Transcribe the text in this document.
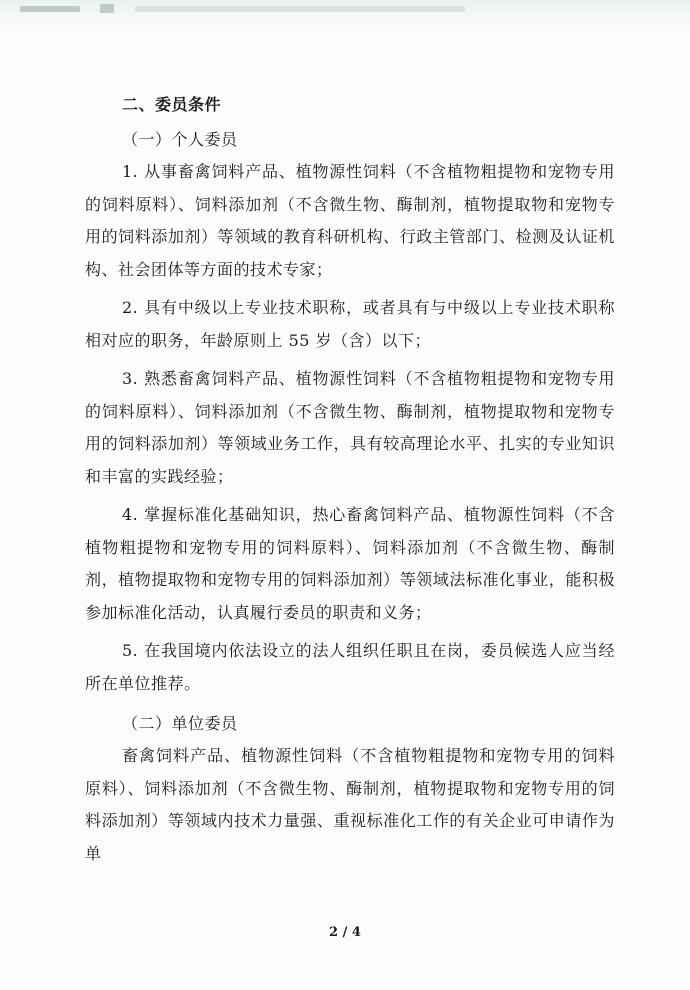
二、委员条件

（一）个人委员

1. 从事畜禽饲料产品、植物源性饲料（不含植物粗提物和宠物专用的饲料原料）、饲料添加剂（不含微生物、酶制剂，植物提取物和宠物专用的饲料添加剂）等领域的教育科研机构、行政主管部门、检测及认证机构、社会团体等方面的技术专家；

2. 具有中级以上专业技术职称，或者具有与中级以上专业技术职称相对应的职务，年龄原则上 55 岁（含）以下；

3. 熟悉畜禽饲料产品、植物源性饲料（不含植物粗提物和宠物专用的饲料原料）、饲料添加剂（不含微生物、酶制剂，植物提取物和宠物专用的饲料添加剂）等领域业务工作，具有较高理论水平、扎实的专业知识和丰富的实践经验；

4. 掌握标准化基础知识，热心畜禽饲料产品、植物源性饲料（不含植物粗提物和宠物专用的饲料原料）、饲料添加剂（不含微生物、酶制剂，植物提取物和宠物专用的饲料添加剂）等领域法标准化事业，能积极参加标准化活动，认真履行委员的职责和义务；

5. 在我国境内依法设立的法人组织任职且在岗，委员候选人应当经所在单位推荐。

（二）单位委员

畜禽饲料产品、植物源性饲料（不含植物粗提物和宠物专用的饲料原料）、饲料添加剂（不含微生物、酶制剂，植物提取物和宠物专用的饲料添加剂）等领域内技术力量强、重视标准化工作的有关企业可申请作为单

2 / 4
